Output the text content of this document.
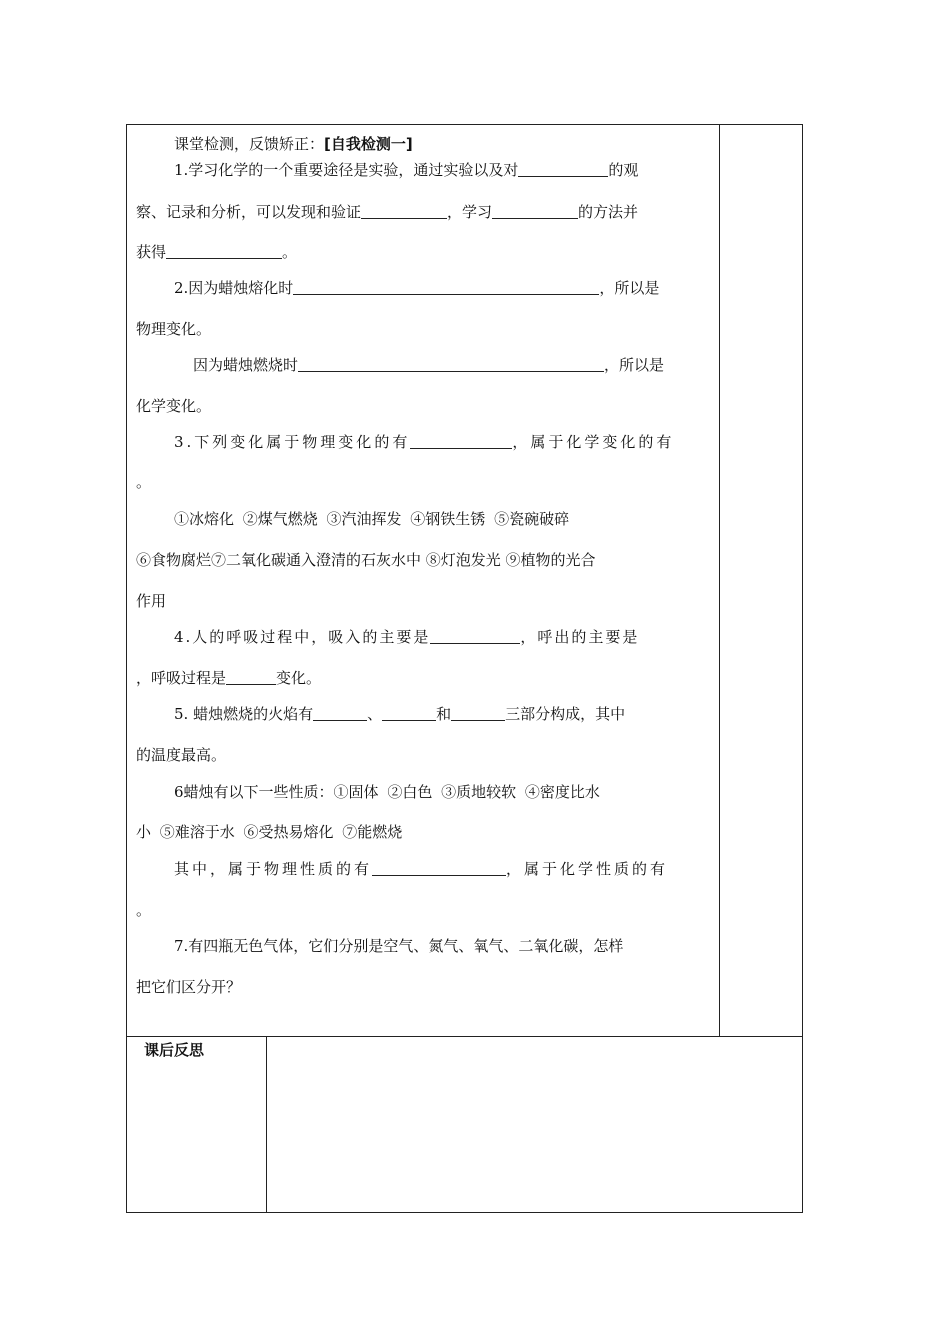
课堂检测，反馈矫正：[自我检测一]
1.学习化学的一个重要途径是实验，通过实验以及对	的观
察、记录和分析，可以发现和验证	，学习	的方法并
获得	。
2.因为蜡烛熔化时	，所以是
物理变化。
因为蜡烛燃烧时	，所以是
化学变化。
3.下列变化属于物理变化的有	，属于化学变化的有
。
①冰熔化 ②煤气燃烧 ③汽油挥发 ④钢铁生锈 ⑤瓷碗破碎
⑥食物腐烂⑦二氧化碳通入澄清的石灰水中 ⑧灯泡发光 ⑨植物的光合
作用
4.人的呼吸过程中，吸入的主要是	，呼出的主要是
，呼吸过程是	变化。
5. 蜡烛燃烧的火焰有	、	和	三部分构成，其中
的温度最高。
6蜡烛有以下一些性质：①固体 ②白色 ③质地较软 ④密度比水
小 ⑤难溶于水 ⑥受热易熔化 ⑦能燃烧
其中，属于物理性质的有	，属于化学性质的有
。
7.有四瓶无色气体，它们分别是空气、氮气、氧气、二氧化碳，怎样
把它们区分开？
课后反思
